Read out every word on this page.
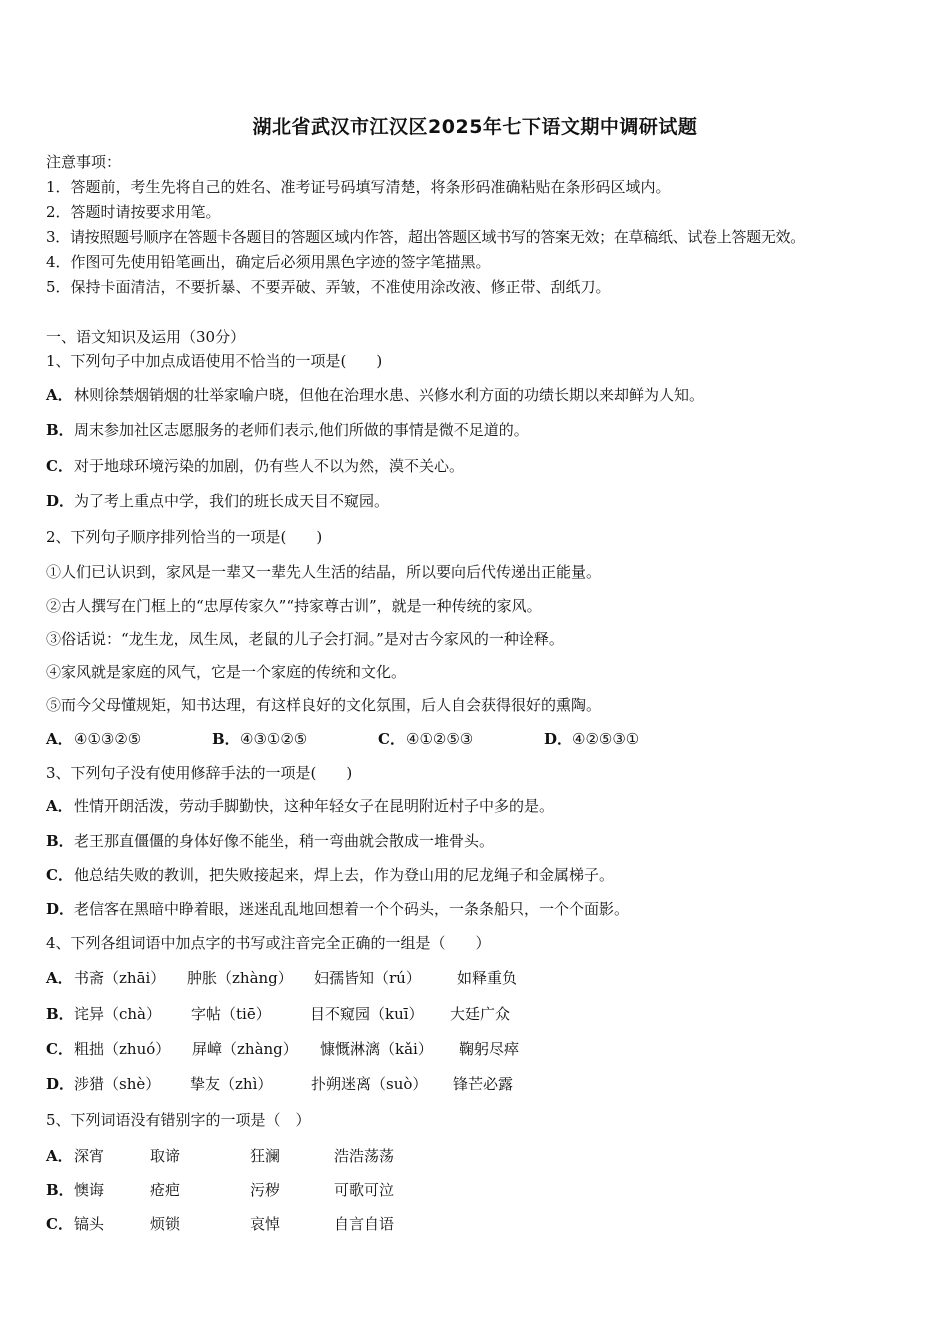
湖北省武汉市江汉区2025年七下语文期中调研试题
注意事项：
1．答题前，考生先将自己的姓名、准考证号码填写清楚，将条形码准确粘贴在条形码区域内。
2．答题时请按要求用笔。
3．请按照题号顺序在答题卡各题目的答题区域内作答，超出答题区域书写的答案无效；在草稿纸、试卷上答题无效。
4．作图可先使用铅笔画出，确定后必须用黑色字迹的签字笔描黑。
5．保持卡面清洁，不要折暴、不要弄破、弄皱，不准使用涂改液、修正带、刮纸刀。
一、语文知识及运用（30分）
1、下列句子中加点成语使用不恰当的一项是(　　)
A．林则徐禁烟销烟的壮举家喻户晓，但他在治理水患、兴修水利方面的功绩长期以来却鲜为人知。
B．周末参加社区志愿服务的老师们表示,他们所做的事情是微不足道的。
C．对于地球环境污染的加剧，仍有些人不以为然，漠不关心。
D．为了考上重点中学，我们的班长成天目不窥园。
2、下列句子顺序排列恰当的一项是(　　)
①人们已认识到，家风是一辈又一辈先人生活的结晶，所以要向后代传递出正能量。
②古人撰写在门框上的“忠厚传家久”“持家尊古训”，就是一种传统的家风。
③俗话说：“龙生龙，凤生凤，老鼠的儿子会打洞。”是对古今家风的一种诠释。
④家风就是家庭的风气，它是一个家庭的传统和文化。
⑤而今父母懂规矩，知书达理，有这样良好的文化氛围，后人自会获得很好的熏陶。
A．④①③②⑤	B．④③①②⑤	C．④①②⑤③	D．④②⑤③①
3、下列句子没有使用修辞手法的一项是(　　)
A．性情开朗活泼，劳动手脚勤快，这种年轻女子在昆明附近村子中多的是。
B．老王那直僵僵的身体好像不能坐，稍一弯曲就会散成一堆骨头。
C．他总结失败的教训，把失败接起来，焊上去，作为登山用的尼龙绳子和金属梯子。
D．老信客在黑暗中睁着眼，迷迷乱乱地回想着一个个码头，一条条船只，一个个面影。
4、下列各组词语中加点字的书写或注音完全正确的一组是（　　）
A．书斋（zhāi） 肿胀（zhàng） 妇孺皆知（rú） 如释重负
B．诧异（chà） 字帖（tiē）	目不窥园（kuī） 大廷广众
C．粗拙（zhuó） 屏嶂（zhàng） 慷慨淋漓（kǎi） 鞠躬尽瘁
D．涉猎（shè） 挚友（zhì）	扑朔迷离（suò） 锋芒必露
5、下列词语没有错别字的一项是（　）
A．深宵	取谛	狂澜	浩浩荡荡
B．懊诲	疮疤	污秽	可歌可泣
C．镐头	烦锁	哀悼	自言自语
